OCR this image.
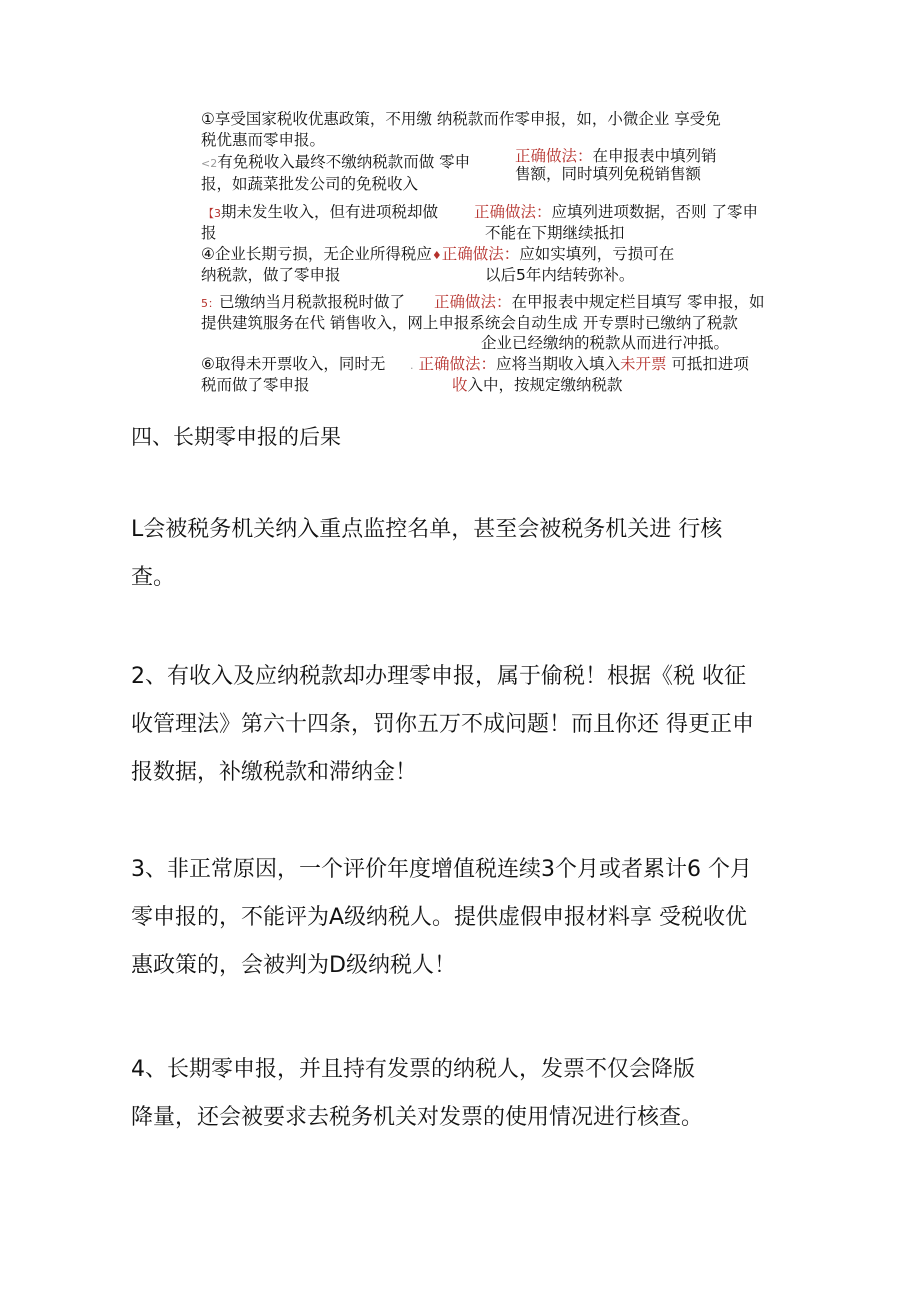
①享受国家税收优惠政策，不用缴 纳税款而作零申报，如，小微企业 享受免
税优惠而零申报。
<2有免税收入最终不缴纳税款而做 零申
报，如蔬菜批发公司的免税收入
正确做法：在申报表中填列销
售额，同时填列免税销售额
【3期未发生收入，但有进项税却做
报
正确做法：应填列进项数据，否则 了零申
不能在下期继续抵扣
④企业长期亏损，无企业所得税应♦正确做法：应如实填列，亏损可在
纳税款，做了零申报	以后5年内结转弥补。
5：已缴纳当月税款报税时做了 正确做法：在甲报表中规定栏目填写 零申报，如
提供建筑服务在代 销售收入，网上申报系统会自动生成 开专票时已缴纳了税款
企业已经缴纳的税款从而进行冲抵。
⑥取得未开票收入，同时无 . 正确做法：应将当期收入填入未开票 可抵扣进项
税而做了零申报	收入中，按规定缴纳税款
四、长期零申报的后果
L会被税务机关纳入重点监控名单，甚至会被税务机关进 行核
查。
2、有收入及应纳税款却办理零申报，属于偷税！根据《税 收征
收管理法》第六十四条，罚你五万不成问题！而且你还 得更正申
报数据，补缴税款和滞纳金！
3、非正常原因，一个评价年度增值税连续3个月或者累计6 个月
零申报的，不能评为A级纳税人。提供虚假申报材料享 受税收优
惠政策的，会被判为D级纳税人！
4、长期零申报，并且持有发票的纳税人，发票不仅会降版
降量，还会被要求去税务机关对发票的使用情况进行核查。
